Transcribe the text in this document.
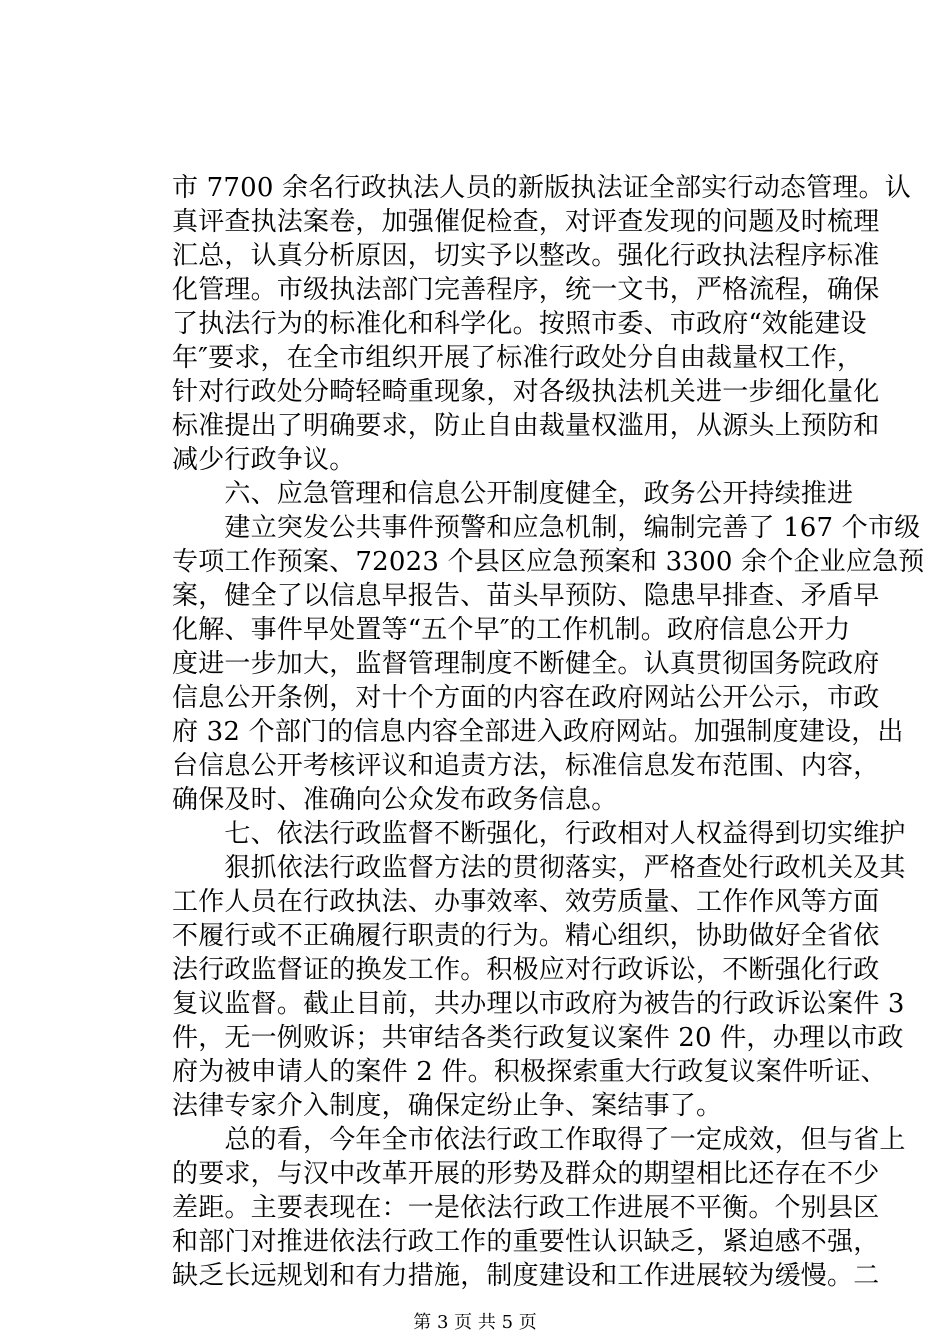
市 7700 余名行政执法人员的新版执法证全部实行动态管理。认
真评查执法案卷，加强催促检查，对评查发现的问题及时梳理
汇总，认真分析原因，切实予以整改。强化行政执法程序标准
化管理。市级执法部门完善程序，统一文书，严格流程，确保
了执法行为的标准化和科学化。按照市委、市政府“效能建设
年″要求，在全市组织开展了标准行政处分自由裁量权工作，
针对行政处分畸轻畸重现象，对各级执法机关进一步细化量化
标准提出了明确要求，防止自由裁量权滥用，从源头上预防和
减少行政争议。
　　六、应急管理和信息公开制度健全，政务公开持续推进
　　建立突发公共事件预警和应急机制，编制完善了 167 个市级
专项工作预案、72023 个县区应急预案和 3300 余个企业应急预
案，健全了以信息早报告、苗头早预防、隐患早排查、矛盾早
化解、事件早处置等“五个早″的工作机制。政府信息公开力
度进一步加大，监督管理制度不断健全。认真贯彻国务院政府
信息公开条例，对十个方面的内容在政府网站公开公示，市政
府 32 个部门的信息内容全部进入政府网站。加强制度建设，出
台信息公开考核评议和追责方法，标准信息发布范围、内容，
确保及时、准确向公众发布政务信息。
　　七、依法行政监督不断强化，行政相对人权益得到切实维护
　　狠抓依法行政监督方法的贯彻落实，严格查处行政机关及其
工作人员在行政执法、办事效率、效劳质量、工作作风等方面
不履行或不正确履行职责的行为。精心组织，协助做好全省依
法行政监督证的换发工作。积极应对行政诉讼，不断强化行政
复议监督。截止目前，共办理以市政府为被告的行政诉讼案件 3
件，无一例败诉；共审结各类行政复议案件 20 件，办理以市政
府为被申请人的案件 2 件。积极探索重大行政复议案件听证、
法律专家介入制度，确保定纷止争、案结事了。
　　总的看，今年全市依法行政工作取得了一定成效，但与省上
的要求，与汉中改革开展的形势及群众的期望相比还存在不少
差距。主要表现在：一是依法行政工作进展不平衡。个别县区
和部门对推进依法行政工作的重要性认识缺乏，紧迫感不强，
缺乏长远规划和有力措施，制度建设和工作进展较为缓慢。二
第 3 页 共 5 页
